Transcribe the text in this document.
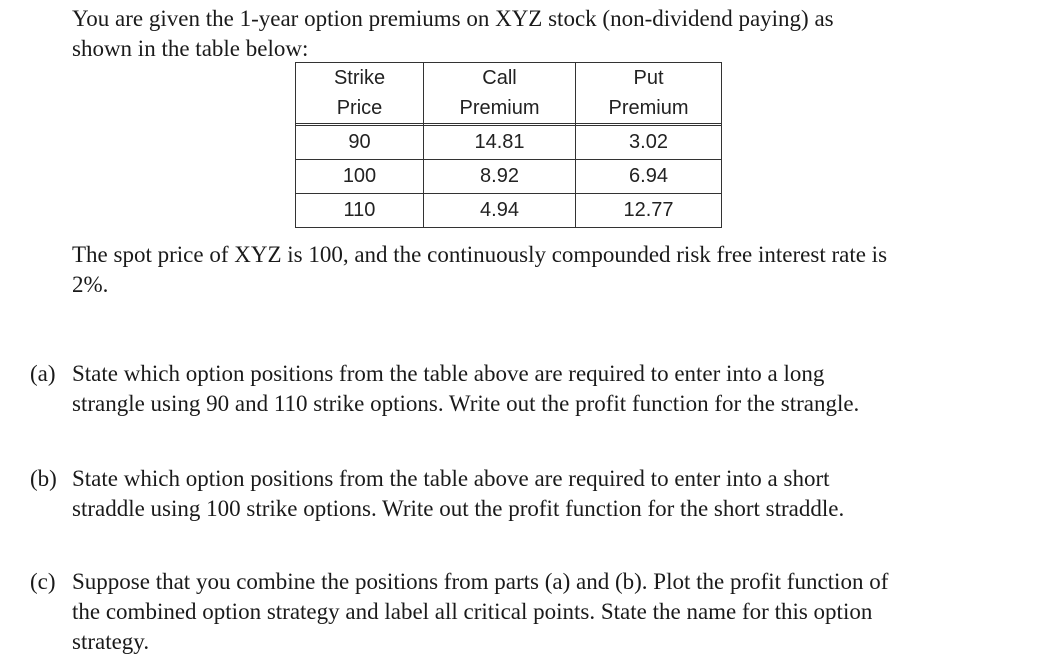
You are given the 1-year option premiums on XYZ stock (non-dividend paying) as
shown in the table below:
Strike	Call	Put
Price	Premium	Premium

90	14.81	3.02
100	8.92	6.94
110	4.94	12.77
The spot price of XYZ is 100, and the continuously compounded risk free interest rate is
2%.
(a) State which option positions from the table above are required to enter into a long
strangle using 90 and 110 strike options. Write out the profit function for the strangle.
(b) State which option positions from the table above are required to enter into a short
straddle using 100 strike options. Write out the profit function for the short straddle.
(c) Suppose that you combine the positions from parts (a) and (b). Plot the profit function of
the combined option strategy and label all critical points. State the name for this option
strategy.
